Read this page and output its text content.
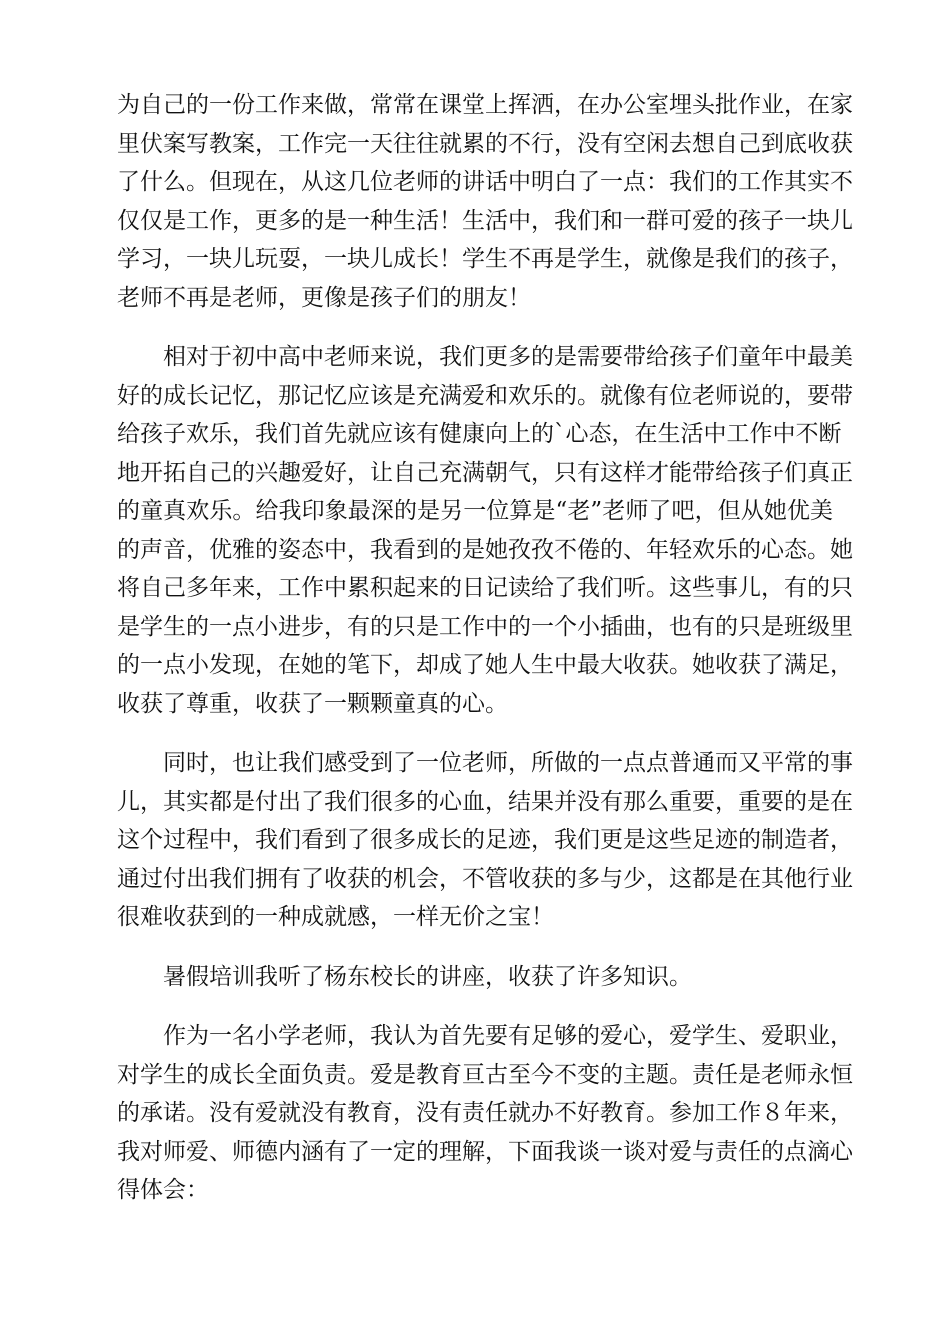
为自己的一份工作来做，常常在课堂上挥洒，在办公室埋头批作业，在家
里伏案写教案，工作完一天往往就累的不行，没有空闲去想自己到底收获
了什么。但现在，从这几位老师的讲话中明白了一点：我们的工作其实不
仅仅是工作，更多的是一种生活！生活中，我们和一群可爱的孩子一块儿
学习，一块儿玩耍，一块儿成长！学生不再是学生，就像是我们的孩子，
老师不再是老师，更像是孩子们的朋友！

相对于初中高中老师来说，我们更多的是需要带给孩子们童年中最美
好的成长记忆，那记忆应该是充满爱和欢乐的。就像有位老师说的，要带
给孩子欢乐，我们首先就应该有健康向上的`心态，在生活中工作中不断
地开拓自己的兴趣爱好，让自己充满朝气，只有这样才能带给孩子们真正
的童真欢乐。给我印象最深的是另一位算是“老”老师了吧，但从她优美
的声音，优雅的姿态中，我看到的是她孜孜不倦的、年轻欢乐的心态。她
将自己多年来，工作中累积起来的日记读给了我们听。这些事儿，有的只
是学生的一点小进步，有的只是工作中的一个小插曲，也有的只是班级里
的一点小发现，在她的笔下，却成了她人生中最大收获。她收获了满足，
收获了尊重，收获了一颗颗童真的心。

同时，也让我们感受到了一位老师，所做的一点点普通而又平常的事
儿，其实都是付出了我们很多的心血，结果并没有那么重要，重要的是在
这个过程中，我们看到了很多成长的足迹，我们更是这些足迹的制造者，
通过付出我们拥有了收获的机会，不管收获的多与少，这都是在其他行业
很难收获到的一种成就感，一样无价之宝！

暑假培训我听了杨东校长的讲座，收获了许多知识。

作为一名小学老师，我认为首先要有足够的爱心，爱学生、爱职业，
对学生的成长全面负责。爱是教育亘古至今不变的主题。责任是老师永恒
的承诺。没有爱就没有教育，没有责任就办不好教育。参加工作８年来，
我对师爱、师德内涵有了一定的理解，下面我谈一谈对爱与责任的点滴心
得体会：
